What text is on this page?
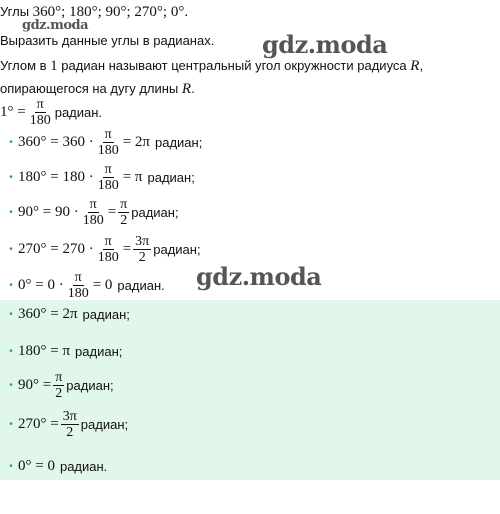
Углы 360°; 180°; 90°; 270°; 0°.
gdz.moda
Выразить данные углы в радианах. gdz.moda
Углом в 1 радиан называют центральный угол окружности радиуса R,
опирающегося на дугу длины R.
$1^\circ = \frac{\pi}{180}$ радиан.
• $360^\circ = 360 \cdot \frac{\pi}{180} = 2\pi$ радиан;
• $180^\circ = 180 \cdot \frac{\pi}{180} = \pi$ радиан;
• $90^\circ = 90 \cdot \frac{\pi}{180} = \frac{\pi}{2}$ радиан;
• $270^\circ = 270 \cdot \frac{\pi}{180} = \frac{3\pi}{2}$ радиан;
• $0^\circ = 0 \cdot \frac{\pi}{180} = 0$ радиан. gdz.moda
• 360° = 2π радиан;
• 180° = π радиан;
• $90^\circ = \frac{\pi}{2}$ радиан;
• $270^\circ = \frac{3\pi}{2}$ радиан;
• 0° = 0 радиан.
